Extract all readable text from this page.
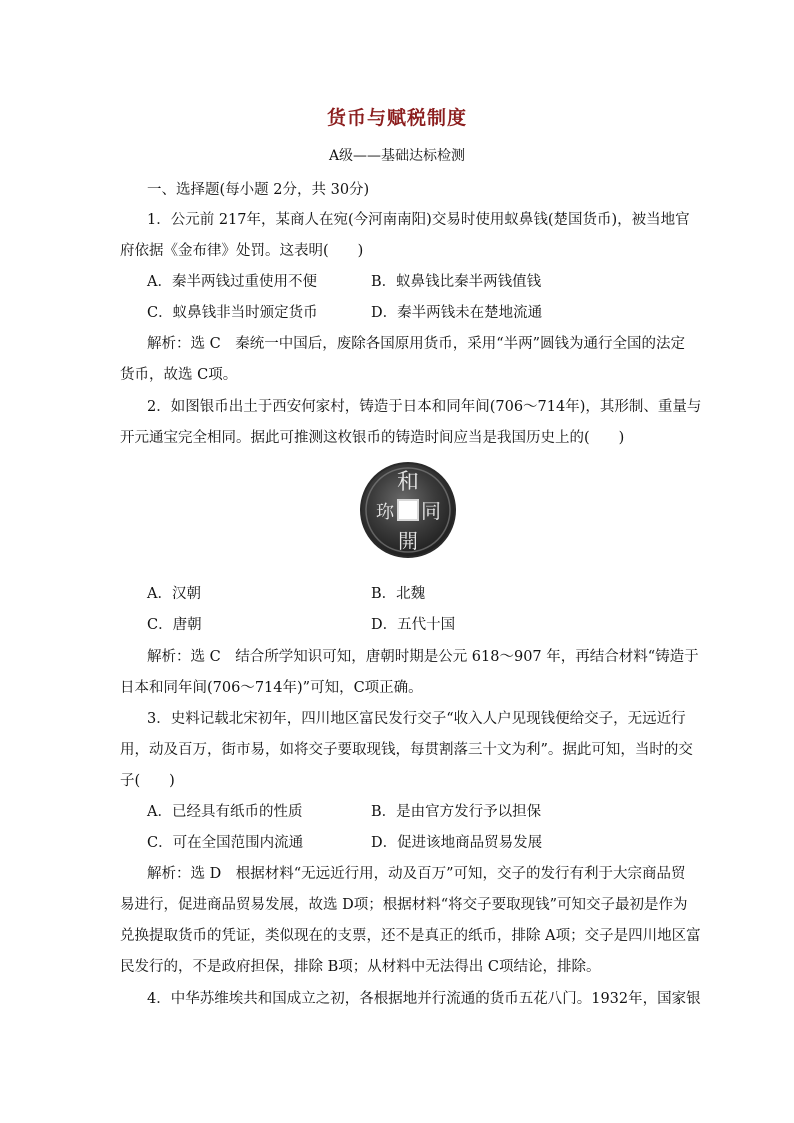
货币与赋税制度
A级——基础达标检测
一、选择题(每小题 2分，共 30分)
1．公元前 217年，某商人在宛(今河南南阳)交易时使用蚁鼻钱(楚国货币)，被当地官
府依据《金布律》处罚。这表明(　　)
A．秦半两钱过重使用不便	B．蚁鼻钱比秦半两钱值钱
C．蚁鼻钱非当时颁定货币	D．秦半两钱未在楚地流通
解析：选 C　秦统一中国后，废除各国原用货币，采用“半两”圆钱为通行全国的法定
货币，故选 C项。
2．如图银币出土于西安何家村，铸造于日本和同年间(706～714年)，其形制、重量与
开元通宝完全相同。据此可推测这枚银币的铸造时间应当是我国历史上的(　　)
和
同
開
珎
A．汉朝	B．北魏
C．唐朝	D．五代十国
解析：选 C　结合所学知识可知，唐朝时期是公元 618～907 年，再结合材料“铸造于
日本和同年间(706～714年)”可知，C项正确。
3．史料记载北宋初年，四川地区富民发行交子“收入人户见现钱便给交子，无远近行
用，动及百万，街市易，如将交子要取现钱，每贯割落三十文为利”。据此可知，当时的交
子(　　)
A．已经具有纸币的性质	B．是由官方发行予以担保
C．可在全国范围内流通	D．促进该地商品贸易发展
解析：选 D　根据材料“无远近行用，动及百万”可知，交子的发行有利于大宗商品贸
易进行，促进商品贸易发展，故选 D项；根据材料“将交子要取现钱”可知交子最初是作为
兑换提取货币的凭证，类似现在的支票，还不是真正的纸币，排除 A项；交子是四川地区富
民发行的，不是政府担保，排除 B项；从材料中无法得出 C项结论，排除。
4．中华苏维埃共和国成立之初，各根据地并行流通的货币五花八门。1932年，国家银
